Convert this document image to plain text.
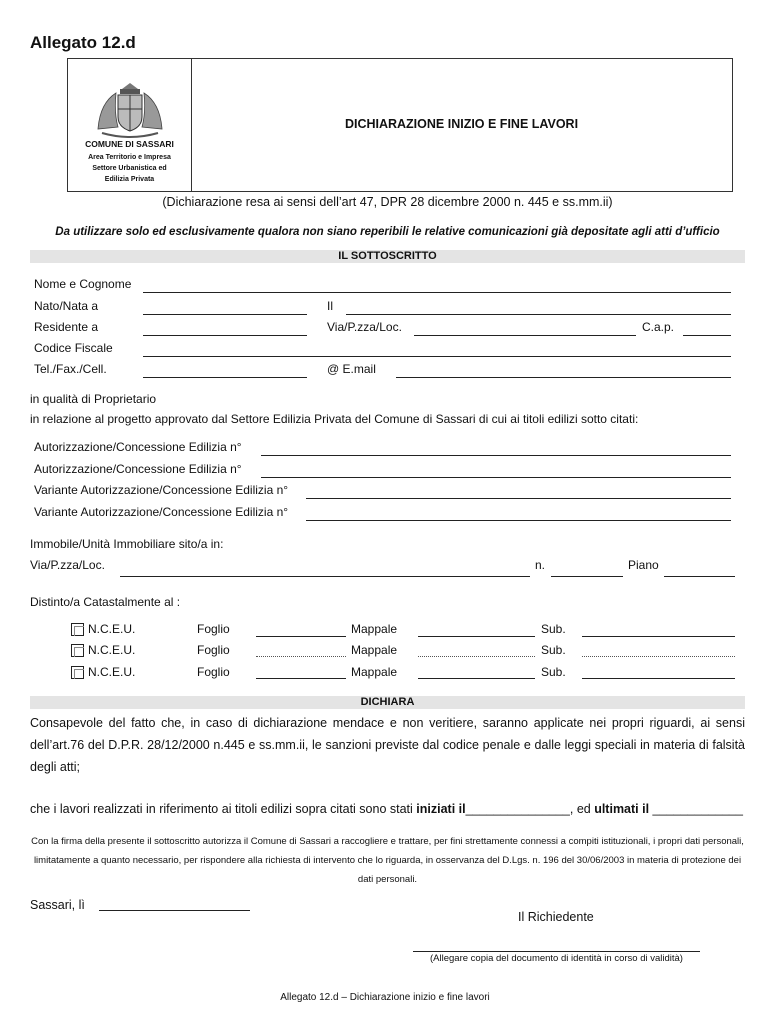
Allegato 12.d
COMUNE DI SASSARI
Area Territorio e Impresa
Settore Urbanistica ed
Edilizia Privata
DICHIARAZIONE INIZIO E FINE LAVORI
(Dichiarazione resa ai sensi dell’art 47, DPR 28 dicembre 2000 n. 445 e ss.mm.ii)
Da utilizzare solo ed esclusivamente qualora non siano reperibili le relative comunicazioni già depositate agli atti d’ufficio
IL SOTTOSCRITTO
Nome e Cognome
Nato/Nata a	Il
Residente a	Via/P.zza/Loc.	C.a.p.
Codice Fiscale
Tel./Fax./Cell.	@ E.mail
in qualità di Proprietario
in relazione al progetto approvato dal Settore Edilizia Privata del Comune di Sassari di cui ai titoli edilizi sotto citati:
Autorizzazione/Concessione Edilizia n°
Autorizzazione/Concessione Edilizia n°
Variante Autorizzazione/Concessione Edilizia n°
Variante Autorizzazione/Concessione Edilizia n°
Immobile/Unità Immobiliare sito/a in:
Via/P.zza/Loc.	n.	Piano
Distinto/a Catastalmente al :
N.C.E.U.	Foglio	Mappale	Sub.
N.C.E.U.	Foglio	Mappale	Sub.
N.C.E.U.	Foglio	Mappale	Sub.
DICHIARA
Consapevole del fatto che, in caso di dichiarazione mendace e non veritiere, saranno applicate nei propri riguardi, ai sensi dell’art.76 del D.P.R. 28/12/2000 n.445 e ss.mm.ii, le sanzioni previste dal codice penale e dalle leggi speciali in materia di falsità degli atti;
che i lavori realizzati in riferimento ai titoli edilizi sopra citati sono stati iniziati il_______________, ed ultimati il _____________
Con la firma della presente il sottoscritto autorizza il Comune di Sassari a raccogliere e trattare, per fini strettamente connessi a compiti istituzionali, i propri dati personali, limitatamente a quanto necessario, per rispondere alla richiesta di intervento che lo riguarda, in osservanza del D.Lgs. n. 196 del 30/06/2003 in materia di protezione dei dati personali.
Sassari, lì
Il Richiedente
(Allegare copia del documento di identità in corso di validità)
Allegato 12.d – Dichiarazione inizio e fine lavori
